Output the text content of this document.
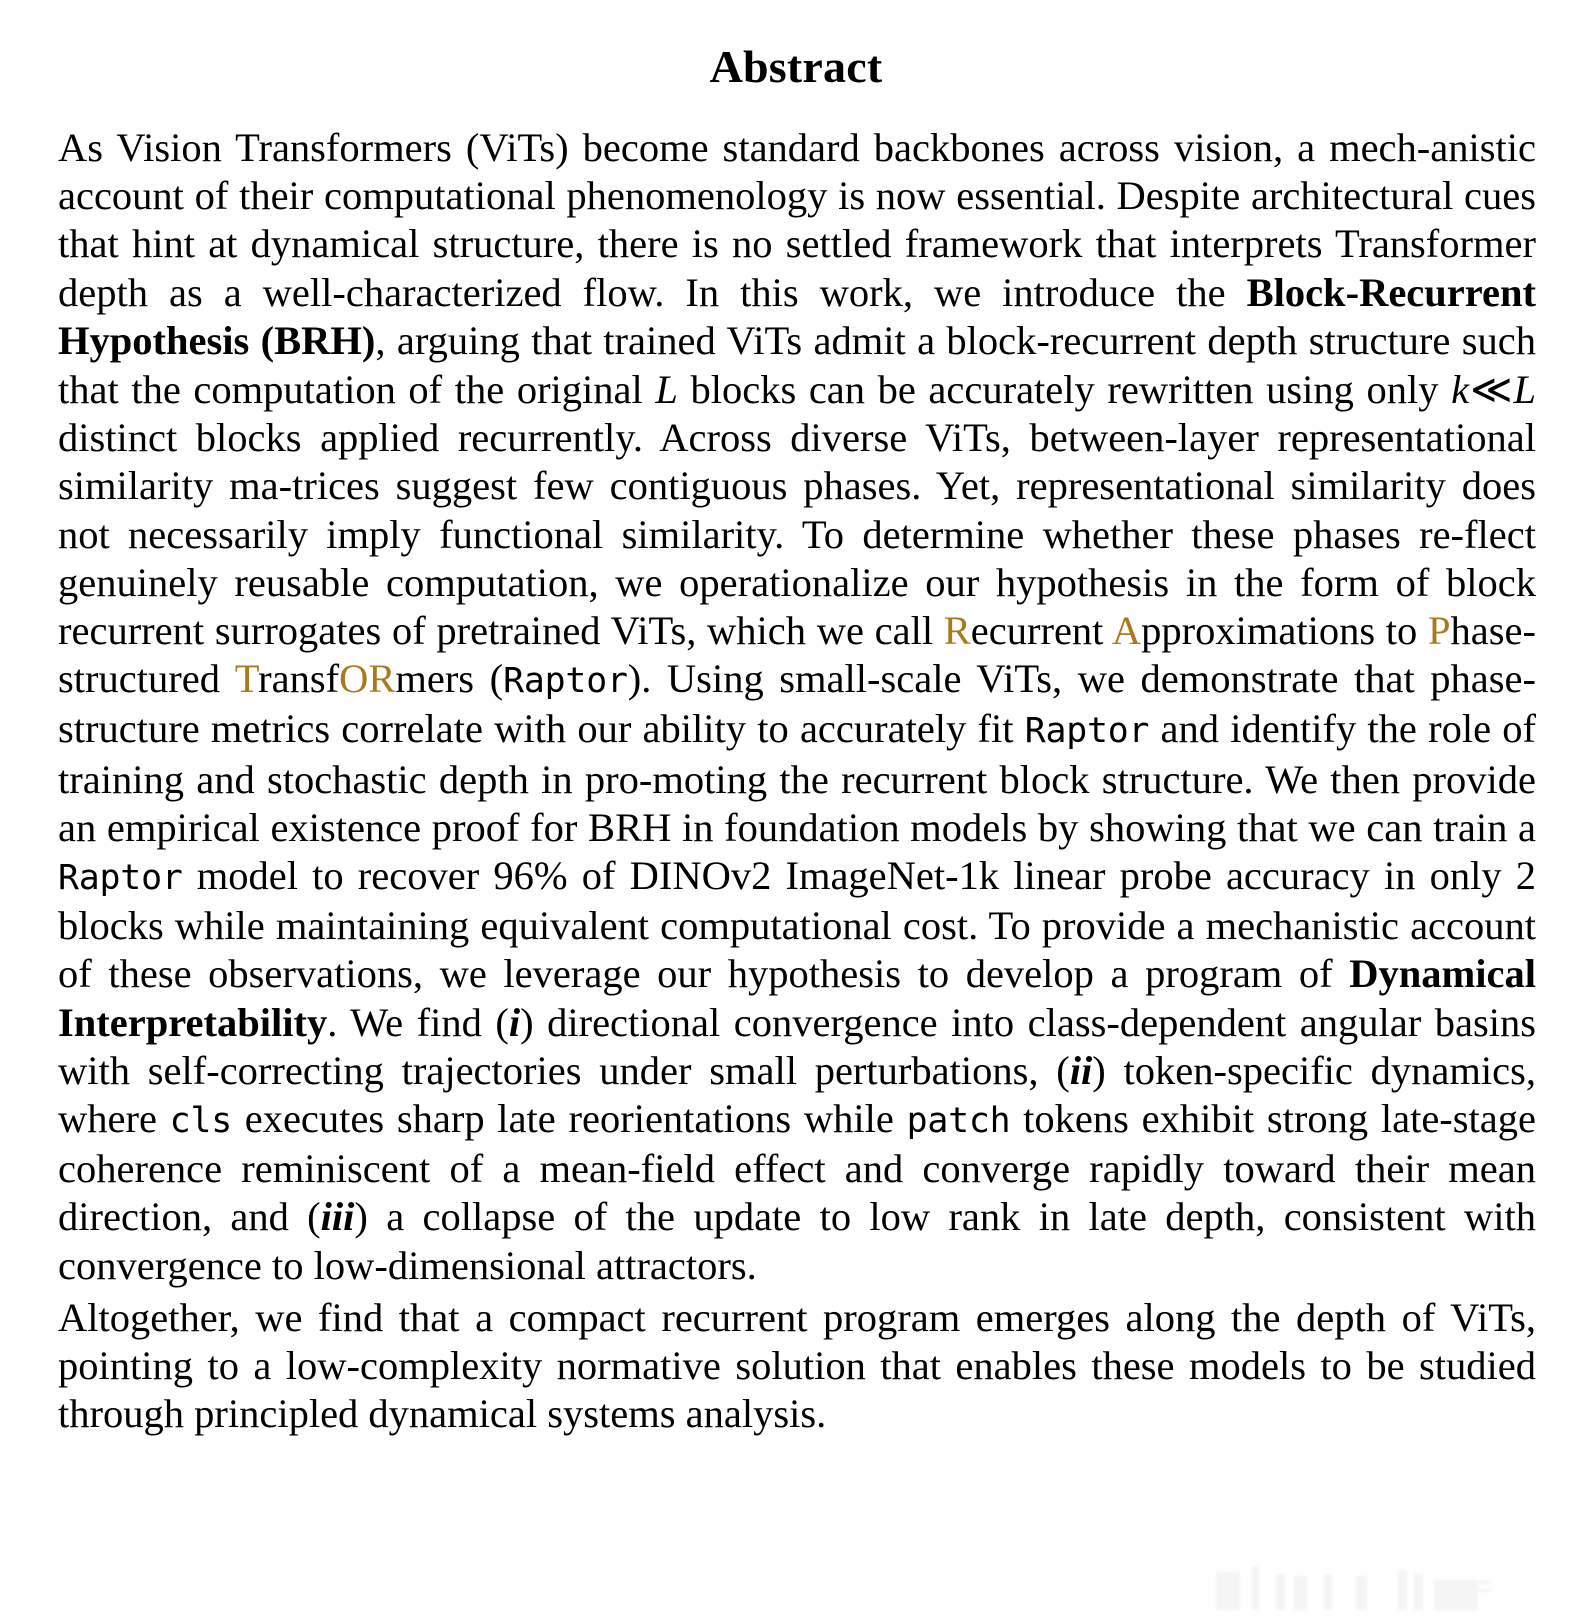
Abstract

As Vision Transformers (ViTs) become standard backbones across vision, a mech-anistic account of their computational phenomenology is now essential. Despite architectural cues that hint at dynamical structure, there is no settled framework that interprets Transformer depth as a well-characterized flow. In this work, we introduce the Block-Recurrent Hypothesis (BRH), arguing that trained ViTs admit a block-recurrent depth structure such that the computation of the original L blocks can be accurately rewritten using only k≪L distinct blocks applied recurrently. Across diverse ViTs, between-layer representational similarity ma-trices suggest few contiguous phases. Yet, representational similarity does not necessarily imply functional similarity. To determine whether these phases re-flect genuinely reusable computation, we operationalize our hypothesis in the form of block recurrent surrogates of pretrained ViTs, which we call Recurrent Approximations to Phase-structured TransfORmers (Raptor). Using small-scale ViTs, we demonstrate that phase-structure metrics correlate with our ability to accurately fit Raptor and identify the role of training and stochastic depth in pro-moting the recurrent block structure. We then provide an empirical existence proof for BRH in foundation models by showing that we can train a Raptor model to recover 96% of DINOv2 ImageNet-1k linear probe accuracy in only 2 blocks while maintaining equivalent computational cost. To provide a mechanistic account of these observations, we leverage our hypothesis to develop a program of Dynamical Interpretability. We find (i) directional convergence into class-dependent angular basins with self-correcting trajectories under small perturbations, (ii) token-specific dynamics, where cls executes sharp late reorientations while patch tokens exhibit strong late-stage coherence reminiscent of a mean-field effect and converge rapidly toward their mean direction, and (iii) a collapse of the update to low rank in late depth, consistent with convergence to low-dimensional attractors.

Altogether, we find that a compact recurrent program emerges along the depth of ViTs, pointing to a low-complexity normative solution that enables these models to be studied through principled dynamical systems analysis.
